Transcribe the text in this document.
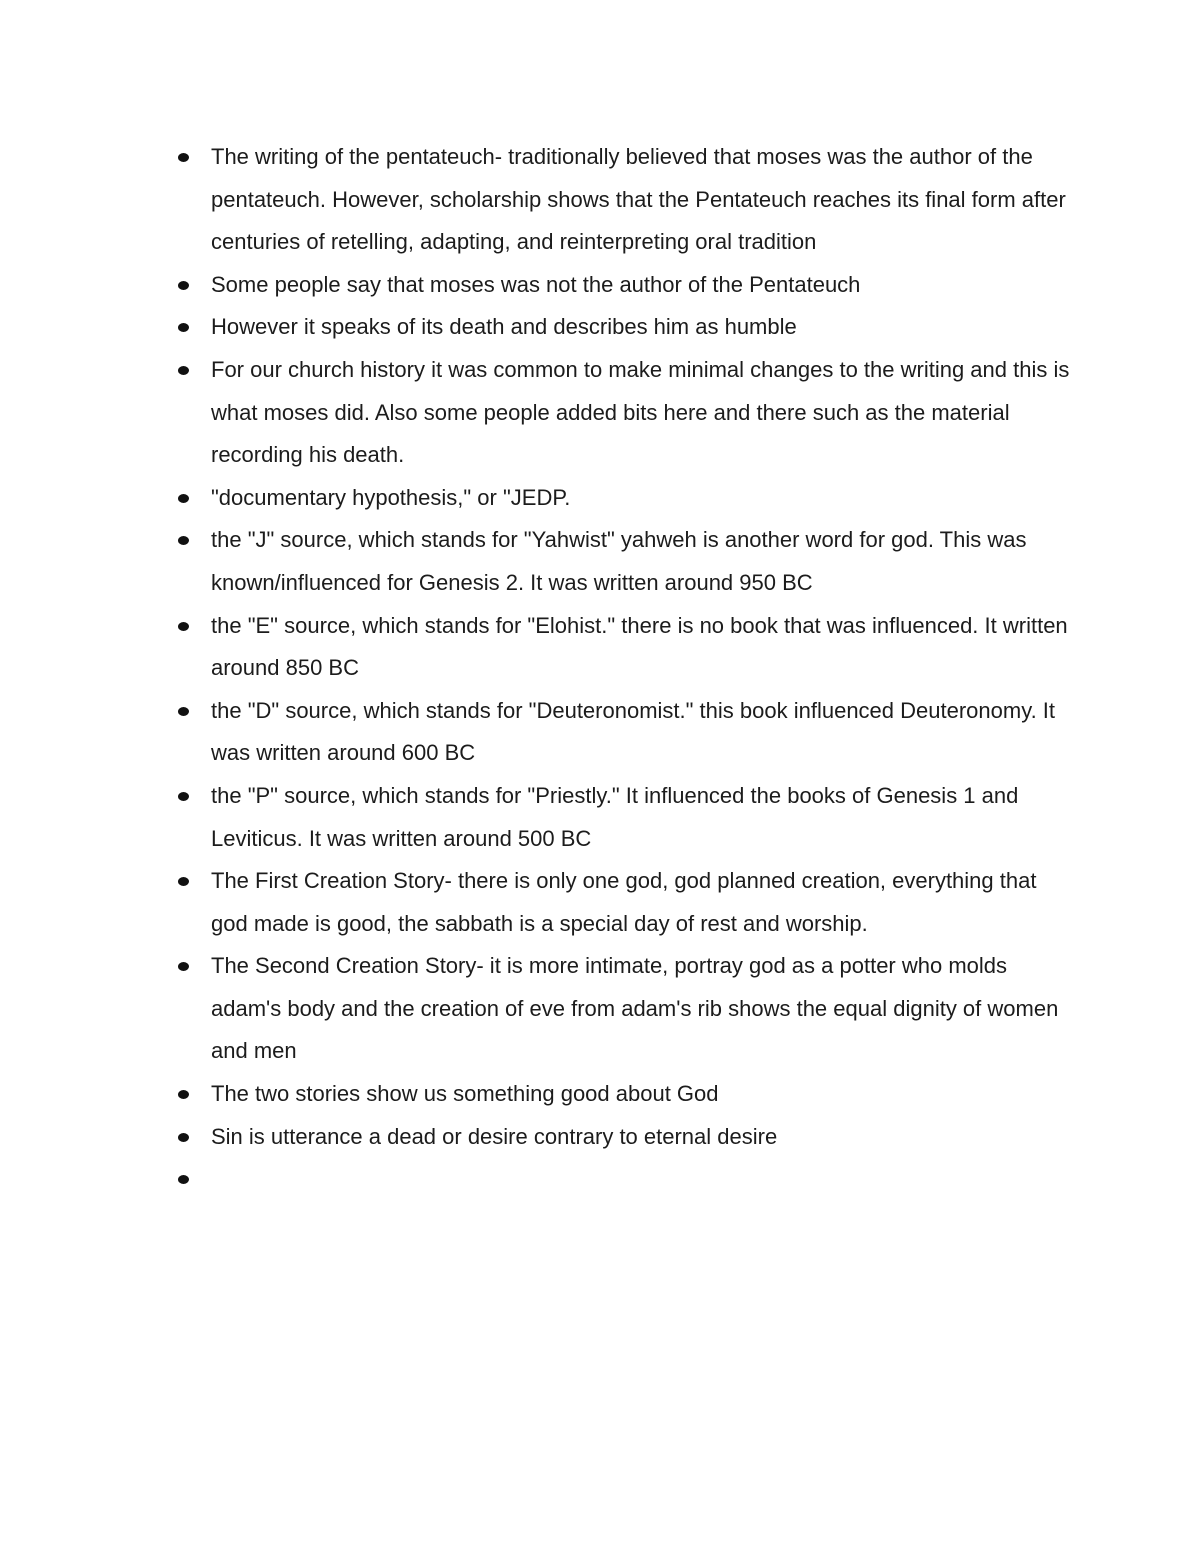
The writing of the pentateuch- traditionally believed that moses was the author of the pentateuch. However, scholarship shows that the Pentateuch reaches its final form after centuries of retelling, adapting, and reinterpreting oral tradition
Some people say that moses was not the author of the Pentateuch
However it speaks of its death and describes him as humble
For our church history it was common to make minimal changes to the writing and this is what moses did. Also some people added bits here and there such as the material recording his death.
"documentary hypothesis," or "JEDP.
the "J" source, which stands for "Yahwist" yahweh is another word for god. This was known/influenced for Genesis 2. It was written around 950 BC
the "E" source, which stands for "Elohist." there is no book that was influenced. It written around 850 BC
the "D" source, which stands for "Deuteronomist." this book influenced Deuteronomy. It was written around 600 BC
the "P" source, which stands for "Priestly." It influenced the books of Genesis 1 and Leviticus. It was written around 500 BC
The First Creation Story- there is only one god, god planned creation, everything that god made is good, the sabbath is a special day of rest and worship.
The Second Creation Story- it is more intimate, portray god as a potter who molds adam's body and the creation of eve from adam's rib shows the equal dignity of women and men
The two stories show us something good about God
Sin is utterance a dead or desire contrary to eternal desire
